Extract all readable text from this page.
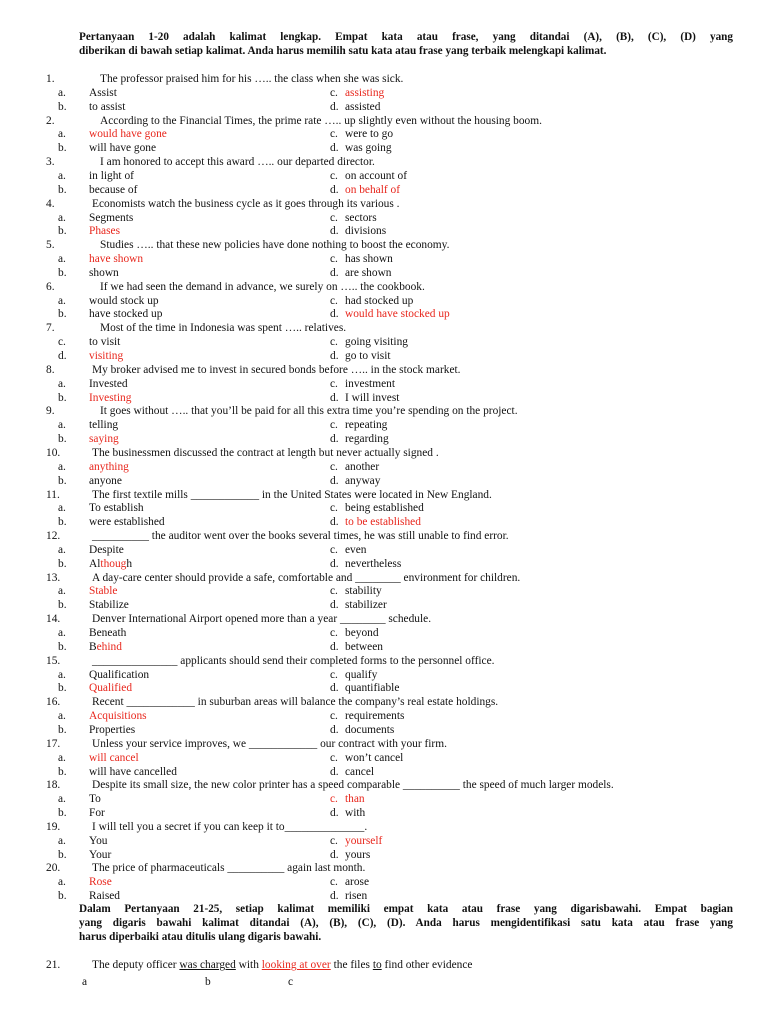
Pertanyaan 1-20 adalah kalimat lengkap. Empat kata atau frase, yang ditandai (A), (B), (C), (D) yang
diberikan di bawah setiap kalimat. Anda harus memilih satu kata atau frase yang terbaik melengkapi kalimat.
1.	The professor praised him for his ….. the class when she was sick.
a. Assist	c. assisting
b. to assist	d. assisted
2.	According to the Financial Times, the prime rate ….. up slightly even without the housing boom.
a. would have gone	c. were to go
b. will have gone	d. was going
3.	I am honored to accept this award ….. our departed director.
a. in light of	c. on account of
b. because of	d. on behalf of
4.	Economists watch the business cycle as it goes through its various .
a. Segments	c. sectors
b. Phases	d. divisions
5.	Studies ….. that these new policies have done nothing to boost the economy.
a. have shown	c. has shown
b. shown	d. are shown
6.	If we had seen the demand in advance, we surely on ….. the cookbook.
a. would stock up	c. had stocked up
b. have stocked up	d. would have stocked up
7.	Most of the time in Indonesia was spent ….. relatives.
c. to visit	c. going visiting
d. visiting	d. go to visit
8.	My broker advised me to invest in secured bonds before ….. in the stock market.
a. Invested	c. investment
b. Investing	d. I will invest
9.	It goes without ….. that you’ll be paid for all this extra time you’re spending on the project.
a. telling	c. repeating
b. saying	d. regarding
10.	The businessmen discussed the contract at length but never actually signed .
a. anything	c. another
b. anyone	d. anyway
11.	The first textile mills ____________ in the United States were located in New England.
a. To establish	c. being established
b. were established	d. to be established
12.	__________ the auditor went over the books several times, he was still unable to find error.
a. Despite	c. even
b. Although	d. nevertheless
13.	A day-care center should provide a safe, comfortable and ________ environment for children.
a. Stable	c. stability
b. Stabilize	d. stabilizer
14.	Denver International Airport opened more than a year ________ schedule.
a. Beneath	c. beyond
b. Behind	d. between
15.	_______________ applicants should send their completed forms to the personnel office.
a. Qualification	c. qualify
b. Qualified	d. quantifiable
16.	Recent ____________ in suburban areas will balance the company’s real estate holdings.
a. Acquisitions	c. requirements
b. Properties	d. documents
17.	Unless your service improves, we ____________ our contract with your firm.
a. will cancel	c. won’t cancel
b. will have cancelled	d. cancel
18.	Despite its small size, the new color printer has a speed comparable __________ the speed of much larger models.
a. To	c. than
b. For	d. with
19.	I will tell you a secret if you can keep it to______________.
a. You	c. yourself
b. Your	d. yours
20.	The price of pharmaceuticals __________ again last month.
a. Rose	c. arose
b. Raised	d. risen
Dalam Pertanyaan 21-25, setiap kalimat memiliki empat kata atau frase yang digarisbawahi. Empat bagian
yang digaris bawahi kalimat ditandai (A), (B), (C), (D). Anda harus mengidentifikasi satu kata atau frase yang
harus diperbaiki atau ditulis ulang digaris bawahi.
21.	The deputy officer was charged with looking at over the files to find other evidence
a	b	c
